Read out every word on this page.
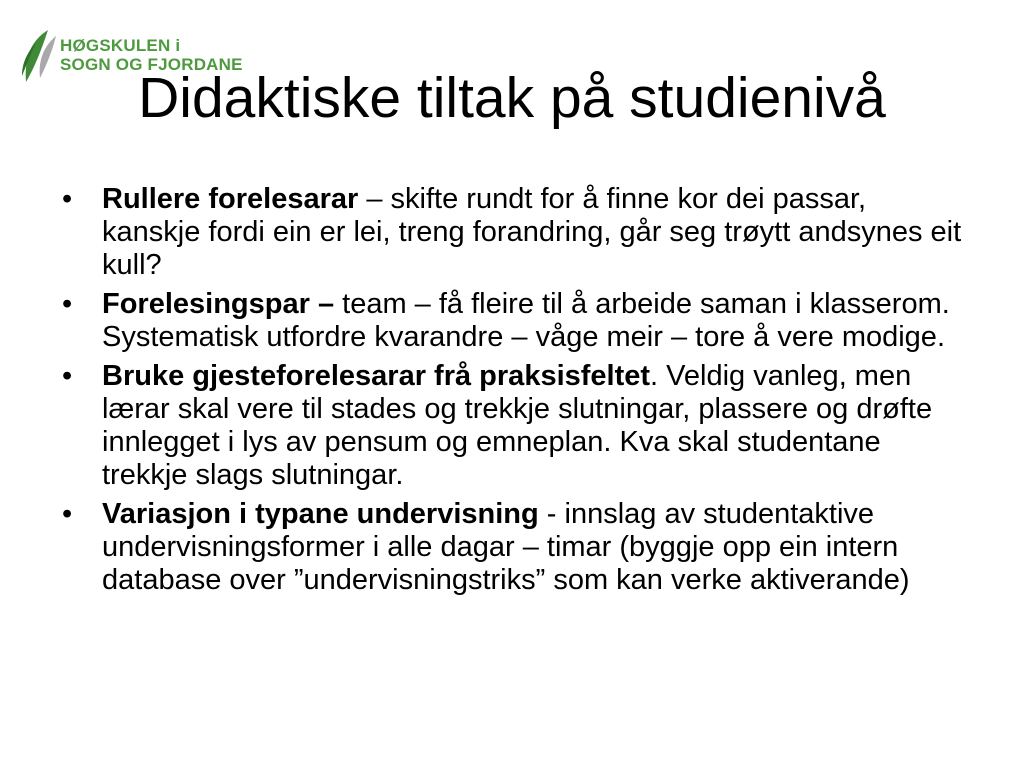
HØGSKULEN i
SOGN OG FJORDANE
Didaktiske tiltak på studienivå
•	Rullere forelesarar – skifte rundt for å finne kor dei passar, kanskje fordi ein er lei, treng forandring, går seg trøytt andsynes eit kull?
•	Forelesingspar – team – få fleire til å arbeide saman i klasserom. Systematisk utfordre kvarandre – våge meir – tore å vere modige.
•	Bruke gjesteforelesarar frå praksisfeltet. Veldig vanleg, men lærar skal vere til stades og trekkje slutningar, plassere og drøfte innlegget i lys av pensum og emneplan. Kva skal studentane trekkje slags slutningar.
•	Variasjon i typane undervisning - innslag av studentaktive undervisningsformer i alle dagar – timar (byggje opp ein intern database over ”undervisningstriks” som kan verke aktiverande)
